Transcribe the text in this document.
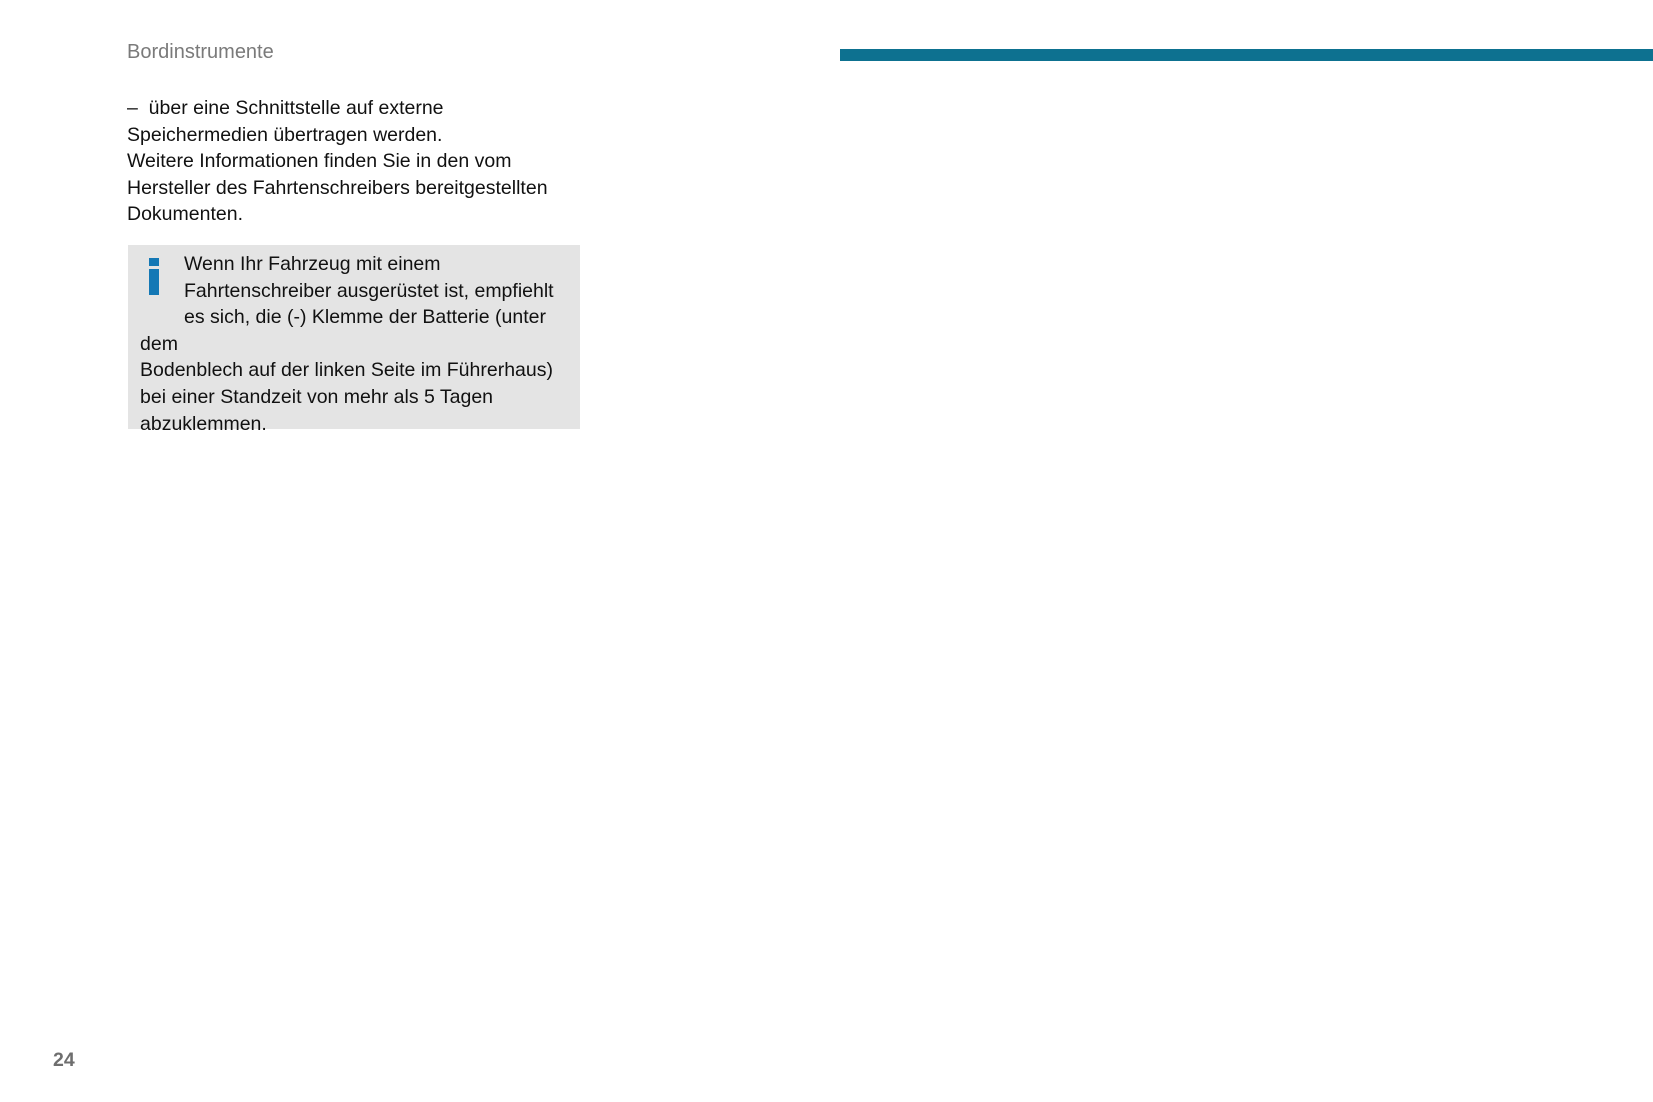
Bordinstrumente
–  über eine Schnittstelle auf externe
Speichermedien übertragen werden.
Weitere Informationen finden Sie in den vom
Hersteller des Fahrtenschreibers bereitgestellten
Dokumenten.
Wenn Ihr Fahrzeug mit einem
Fahrtenschreiber ausgerüstet ist, empfiehlt
es sich, die (-) Klemme der Batterie (unter dem
Bodenblech auf der linken Seite im Führerhaus)
bei einer Standzeit von mehr als 5 Tagen
abzuklemmen.
24
